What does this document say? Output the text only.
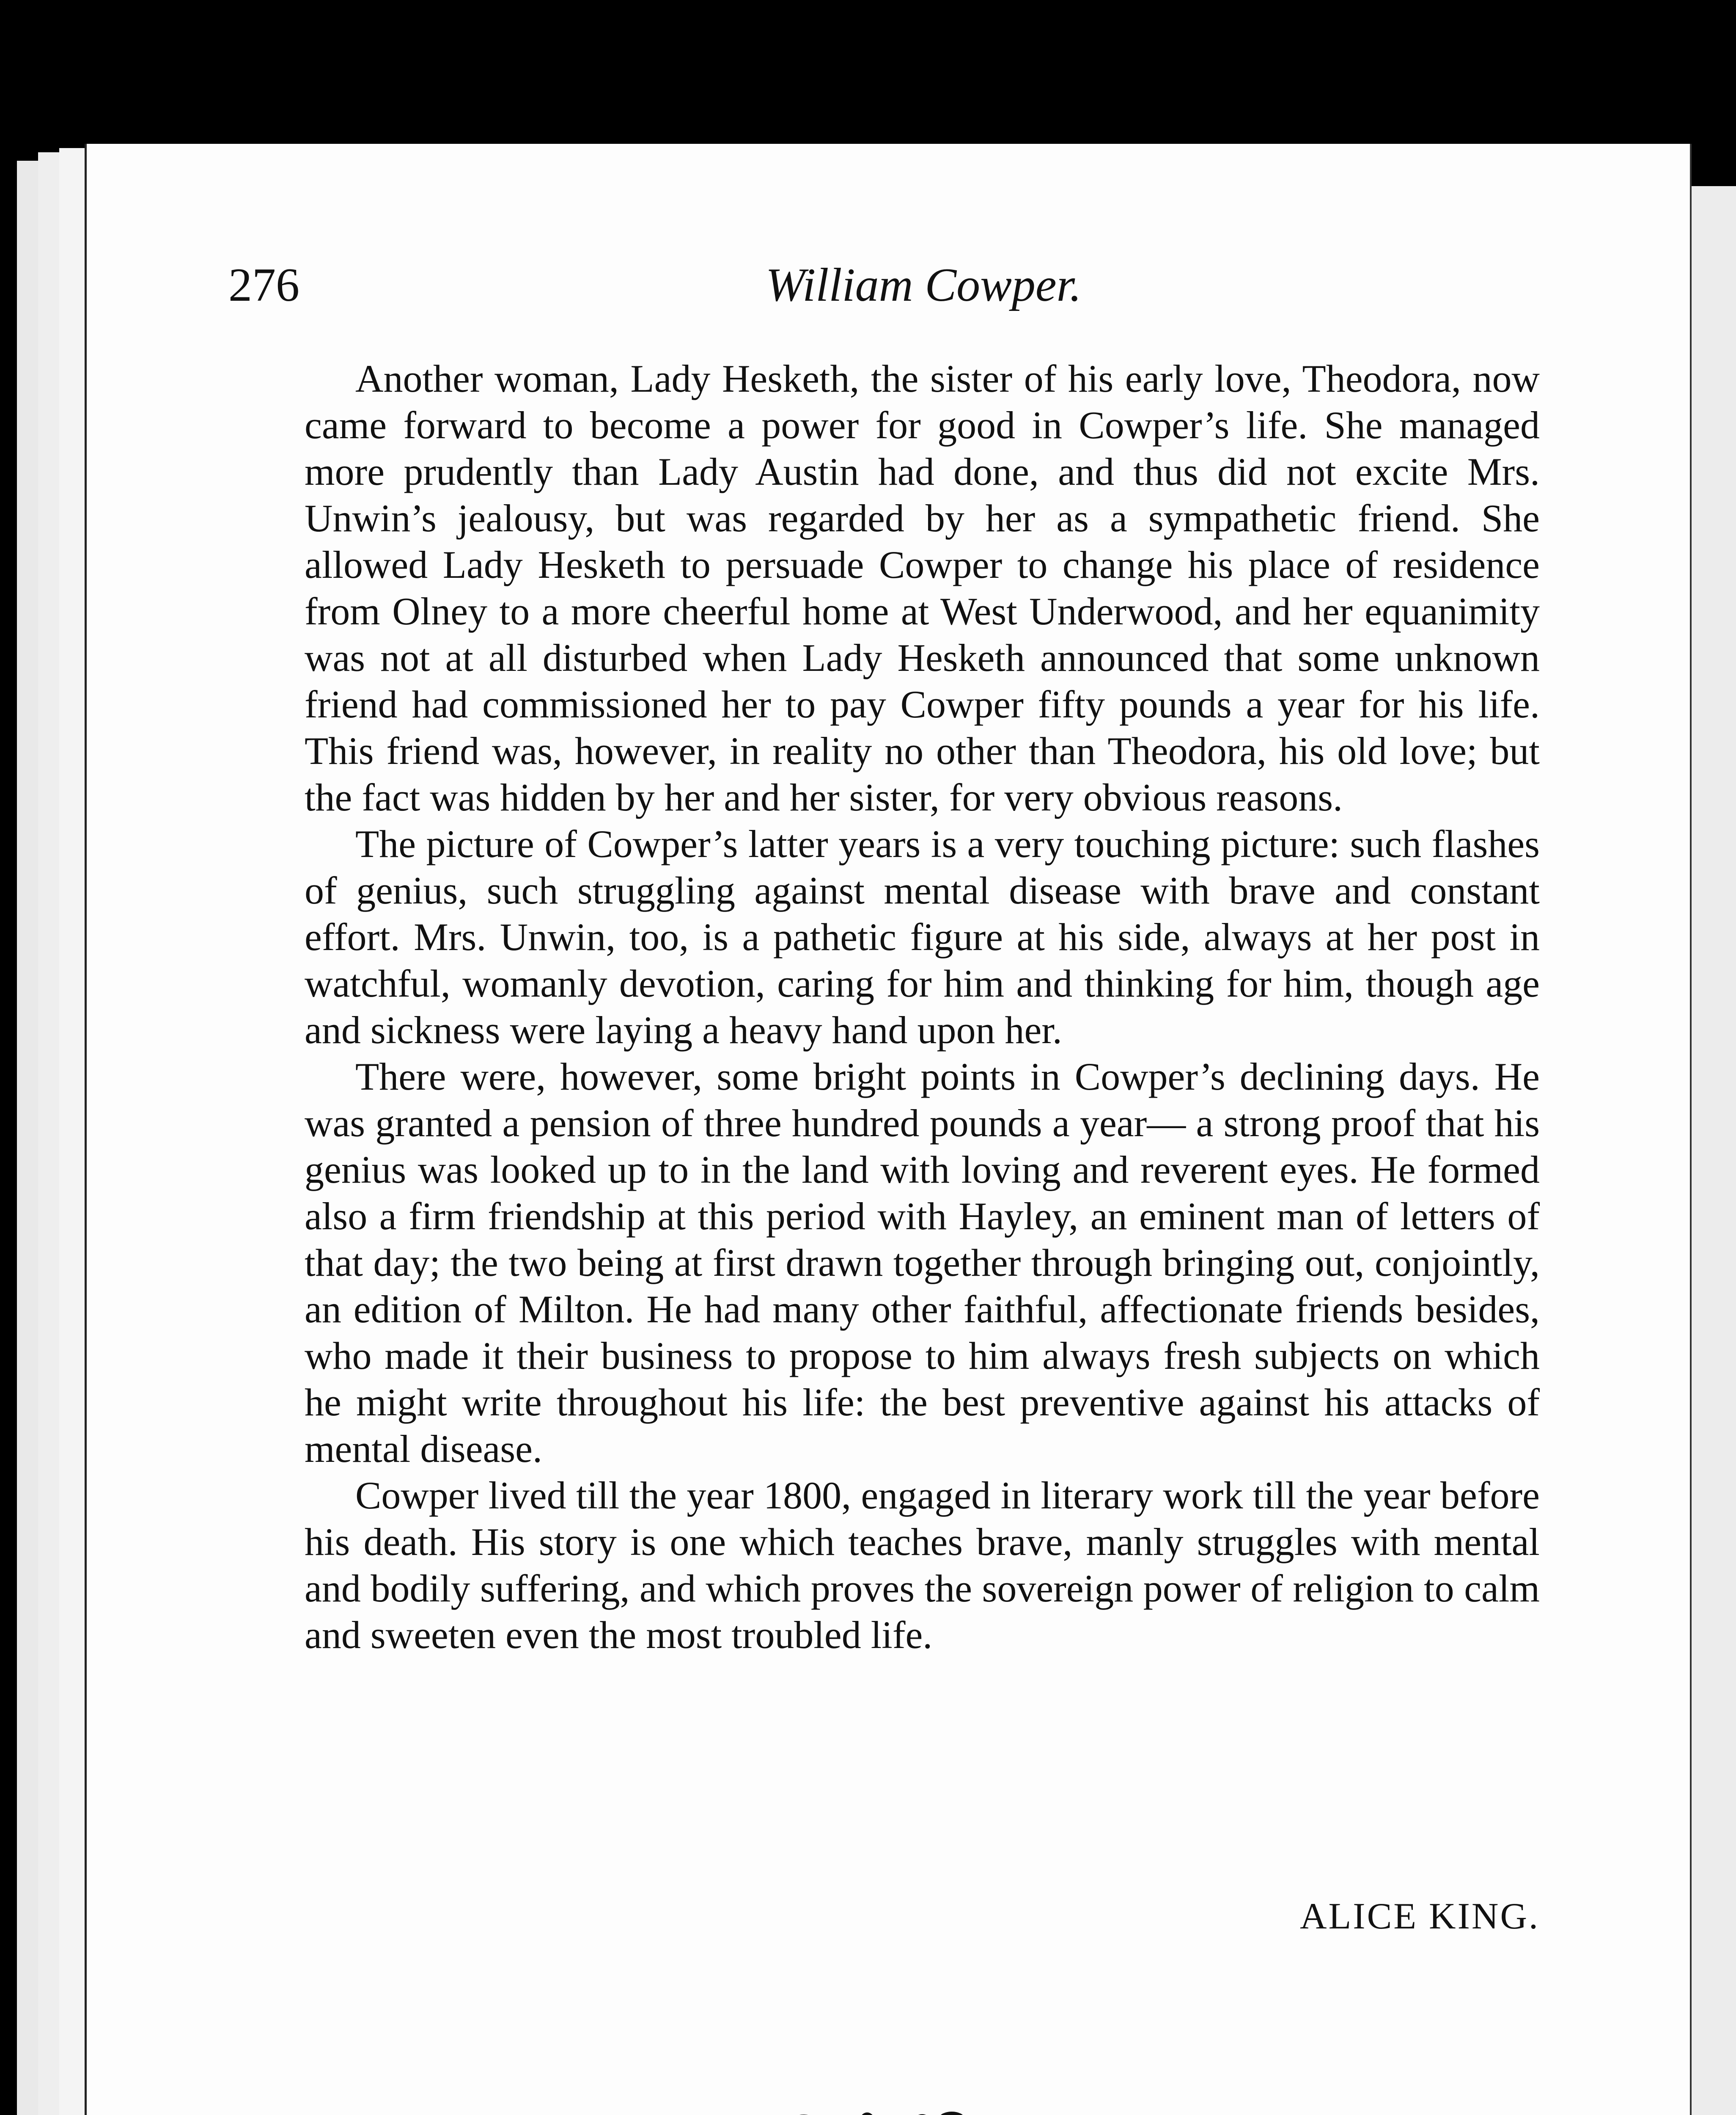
276	William Cowper.

Another woman, Lady Hesketh, the sister of his early love, Theodora, now came forward to become a power for good in Cowper’s life. She managed more prudently than Lady Austin had done, and thus did not excite Mrs. Unwin’s jealousy, but was regarded by her as a sympathetic friend. She allowed Lady Hesketh to persuade Cowper to change his place of residence from Olney to a more cheerful home at West Underwood, and her equanimity was not at all disturbed when Lady Hesketh announced that some unknown friend had commissioned her to pay Cowper fifty pounds a year for his life. This friend was, however, in reality no other than Theodora, his old love; but the fact was hidden by her and her sister, for very obvious reasons.

The picture of Cowper’s latter years is a very touching picture: such flashes of genius, such struggling against mental disease with brave and constant effort. Mrs. Unwin, too, is a pathetic figure at his side, always at her post in watchful, womanly devotion, caring for him and thinking for him, though age and sickness were laying a heavy hand upon her.

There were, however, some bright points in Cowper’s declining days. He was granted a pension of three hundred pounds a year— a strong proof that his genius was looked up to in the land with loving and reverent eyes. He formed also a firm friendship at this period with Hayley, an eminent man of letters of that day; the two being at first drawn together through bringing out, conjointly, an edition of Milton. He had many other faithful, affectionate friends besides, who made it their business to propose to him always fresh subjects on which he might write throughout his life: the best preventive against his attacks of mental disease.

Cowper lived till the year 1800, engaged in literary work till the year before his death. His story is one which teaches brave, manly struggles with mental and bodily suffering, and which proves the sovereign power of religion to calm and sweeten even the most troubled life.

ALICE KING.
